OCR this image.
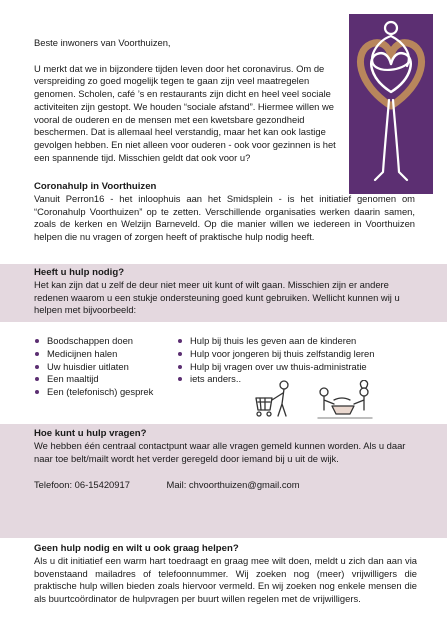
Beste inwoners van Voorthuizen,

U merkt dat we in bijzondere tijden leven door het coronavirus. Om de verspreiding zo goed mogelijk tegen te gaan zijn veel maatregelen genomen. Scholen, café ’s en restaurants zijn dicht en heel veel sociale activiteiten zijn gestopt. We houden “sociale afstand”. Hiermee willen we vooral de ouderen en de mensen met een kwetsbare gezondheid beschermen. Dat is allemaal heel verstandig, maar het kan ook lastige gevolgen hebben. En niet alleen voor ouderen - ook voor gezinnen is het een spannende tijd. Misschien geldt dat ook voor u?

Coronahulp in Voorthuizen

Vanuit Perron16 - het inloophuis aan het Smidsplein - is het initiatief genomen om “Coronahulp Voorthuizen” op te zetten. Verschillende organisaties werken daarin samen, zoals de kerken en Welzijn Barneveld. Op die manier willen we iedereen in Voorthuizen helpen die nu vragen of zorgen heeft of praktische hulp nodig heeft.

Heeft u hulp nodig?

Het kan zijn dat u zelf de deur niet meer uit kunt of wilt gaan. Misschien zijn er andere redenen waarom u een stukje ondersteuning goed kunt gebruiken. Wellicht kunnen wij u helpen met bijvoorbeeld:

Boodschappen doen
Medicijnen halen
Uw huisdier uitlaten
Een maaltijd
Een (telefonisch) gesprek
Hulp bij thuis les geven aan de kinderen
Hulp voor jongeren bij thuis zelfstandig leren
Hulp bij vragen over uw thuis-administratie
iets anders..

Hoe kunt u hulp vragen?

We hebben één centraal contactpunt waar alle vragen gemeld kunnen worden. Als u daar naar toe belt/mailt wordt het verder geregeld door iemand bij u uit de wijk.

Telefoon: 06-15420917	Mail: chvoorthuizen@gmail.com

Geen hulp nodig en wilt u ook graag helpen?

Als u dit initiatief een warm hart toedraagt en graag mee wilt doen, meldt u zich dan aan via bovenstaand mailadres of telefoonnummer. Wij zoeken nog (meer) vrijwilligers die praktische hulp willen bieden zoals hiervoor vermeld. En wij zoeken nog enkele mensen die als buurtcoördinator de hulpvragen per buurt willen regelen met de vrijwilligers.
